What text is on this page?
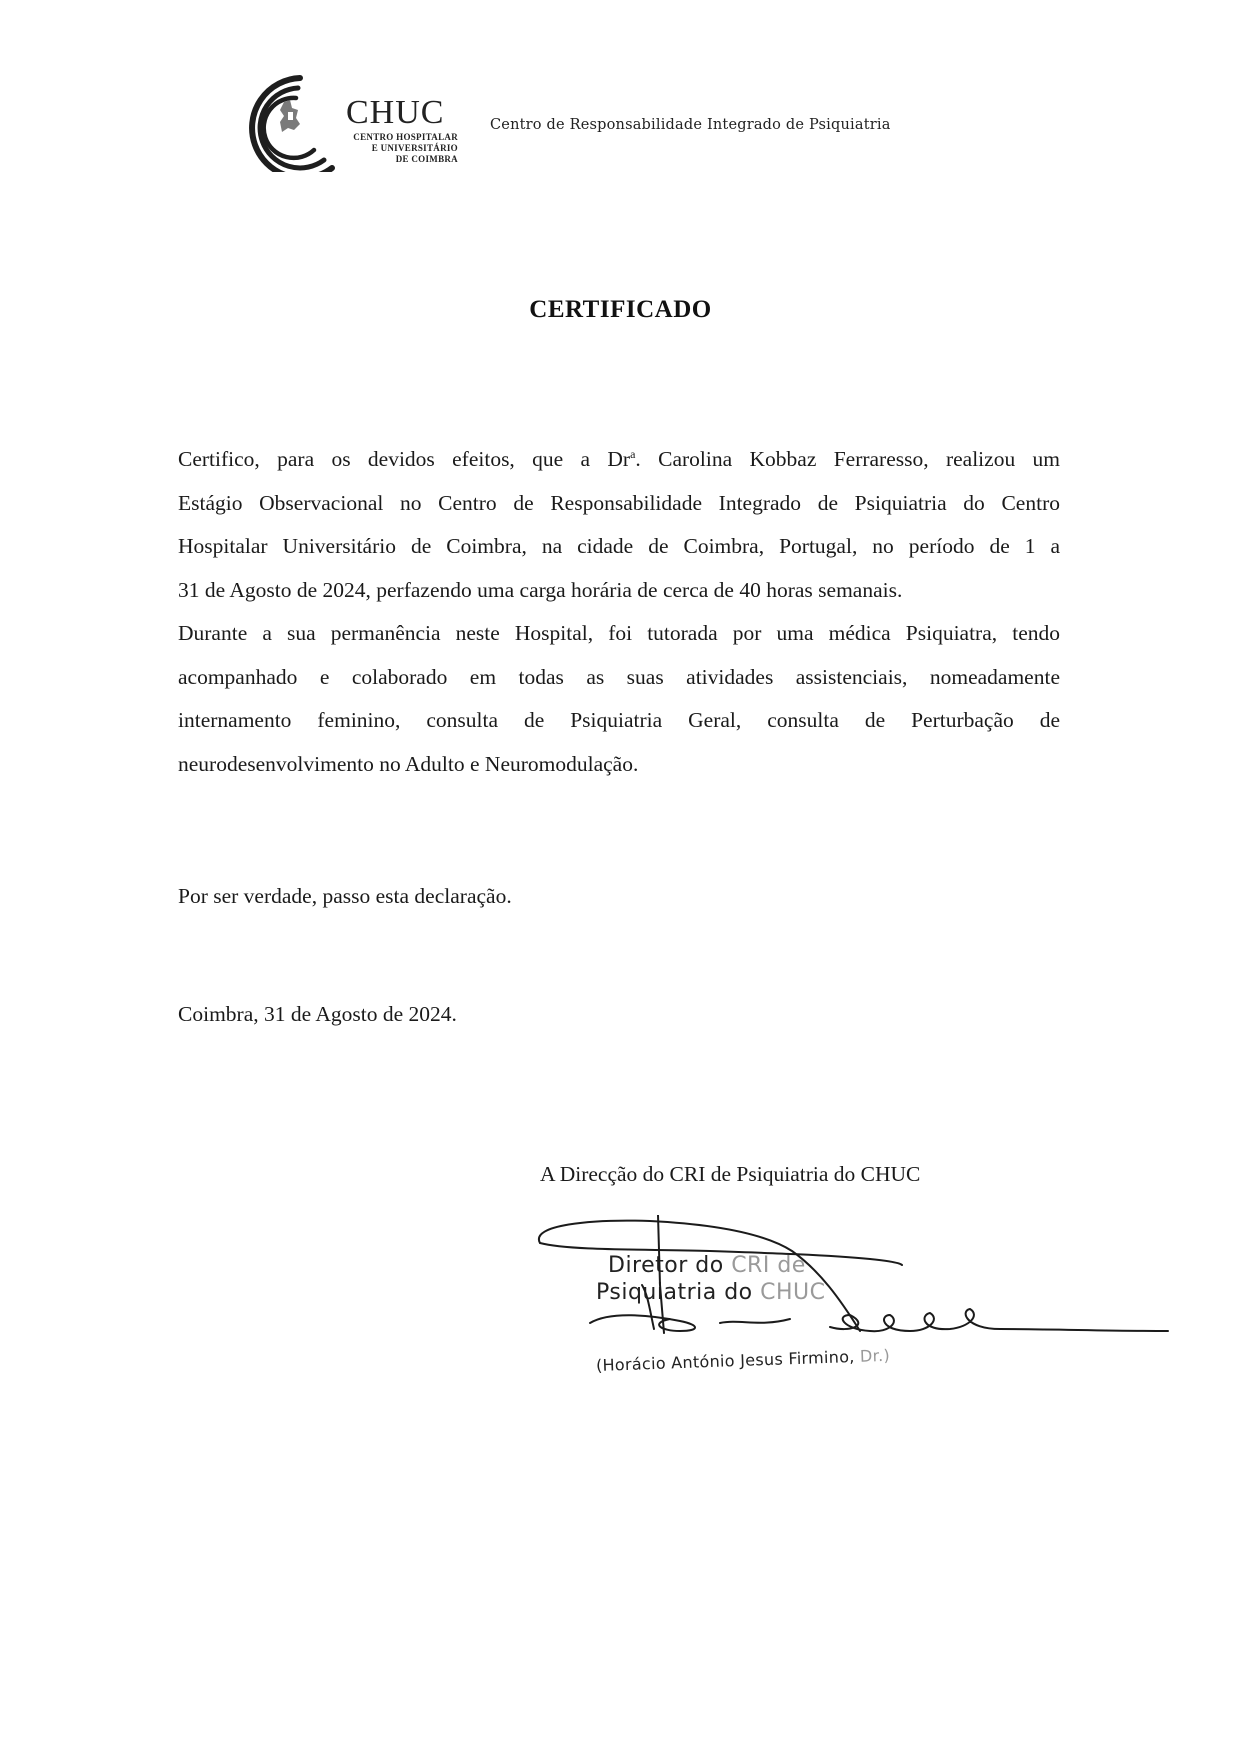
CHUC
CENTRO HOSPITALAR
E UNIVERSITÁRIO
DE COIMBRA
Centro de Responsabilidade Integrado de Psiquiatria
CERTIFICADO
Certifico, para os devidos efeitos, que a Dr$^a$. Carolina Kobbaz Ferraresso, realizou um
Estágio Observacional no Centro de Responsabilidade Integrado de Psiquiatria do Centro
Hospitalar Universitário de Coimbra, na cidade de Coimbra, Portugal, no período de 1 a
31 de Agosto de 2024, perfazendo uma carga horária de cerca de 40 horas semanais.
Durante a sua permanência neste Hospital, foi tutorada por uma médica Psiquiatra, tendo
acompanhado e colaborado em todas as suas atividades assistenciais, nomeadamente
internamento feminino, consulta de Psiquiatria Geral, consulta de Perturbação de
neurodesenvolvimento no Adulto e Neuromodulação.
Por ser verdade, passo esta declaração.
Coimbra, 31 de Agosto de 2024.
A Direcção do CRI de Psiquiatria do CHUC
Diretor do CRI de
Psiquiatria do CHUC
(Horácio António Jesus Firmino, Dr.)
